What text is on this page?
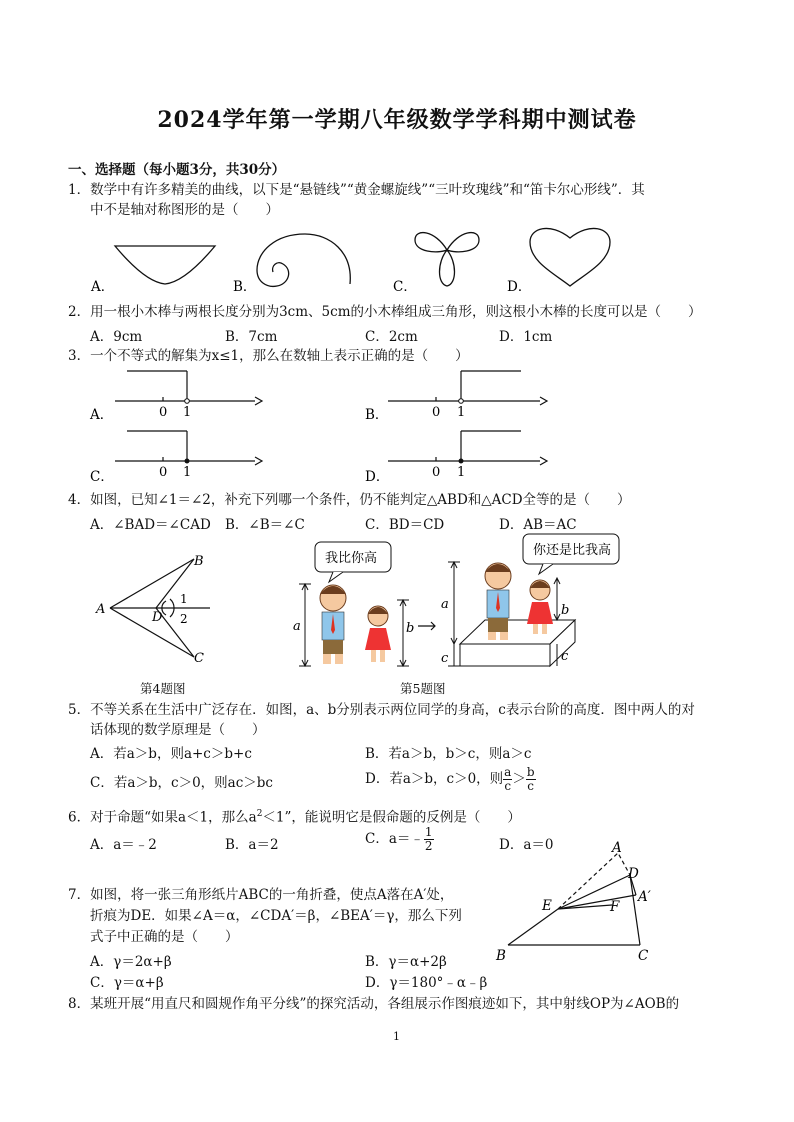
2024学年第一学期八年级数学学科期中测试卷
一、选择题（每小题3分，共30分）
1．数学中有许多精美的曲线，以下是“悬链线”“黄金螺旋线”“三叶玫瑰线”和“笛卡尔心形线”．其
中不是轴对称图形的是（　　）
A．	B．	C．	D．
2．用一根小木棒与两根长度分别为3cm、5cm的小木棒组成三角形，则这根小木棒的长度可以是（　　）
A．9cm	B．7cm	C．2cm	D．1cm
3．一个不等式的解集为x≤1，那么在数轴上表示正确的是（　　）
0 1	0 1
0 1	0 1
A．	B．
C．	D．
4．如图，已知∠1＝∠2，补充下列哪一个条件，仍不能判定△ABD和△ACD全等的是（　　）
A．∠BAD＝∠CAD B．∠B＝∠C	C．BD＝CD	D．AB＝AC
A
B
C
D
1
2
第4题图
我比你高
a	b
你还是比我高
a	b
c	c
第5题图
5．不等关系在生活中广泛存在．如图，a、b分别表示两位同学的身高，c表示台阶的高度．图中两人的对
话体现的数学原理是（　　）
A．若a＞b，则a+c＞b+c	B．若a＞b，b＞c，则a＞c
C．若a＞b，c＞0，则ac＞bc	D．若a＞b，c＞0，则 $\frac{a}{c} > \frac{b}{c}$
6．对于命题“如果a＜1，那么$a^2<1$”，能说明它是假命题的反例是（　　）
A．a＝﹣2	B．a＝2	C．a＝﹣ $\frac{1}{2}$	D．a＝0
7．如图，将一张三角形纸片ABC的一角折叠，使点A落在A′处，
折痕为DE．如果∠A＝α，∠CDA′＝β，∠BEA′＝γ，那么下列
式子中正确的是（　　）
A．γ＝2α+β	B．γ＝α+2β
C．γ＝α+β	D．γ＝180°﹣α﹣β
A
D
A′
E	F
B	C
8．某班开展“用直尺和圆规作角平分线”的探究活动，各组展示作图痕迹如下，其中射线OP为∠AOB的
1
